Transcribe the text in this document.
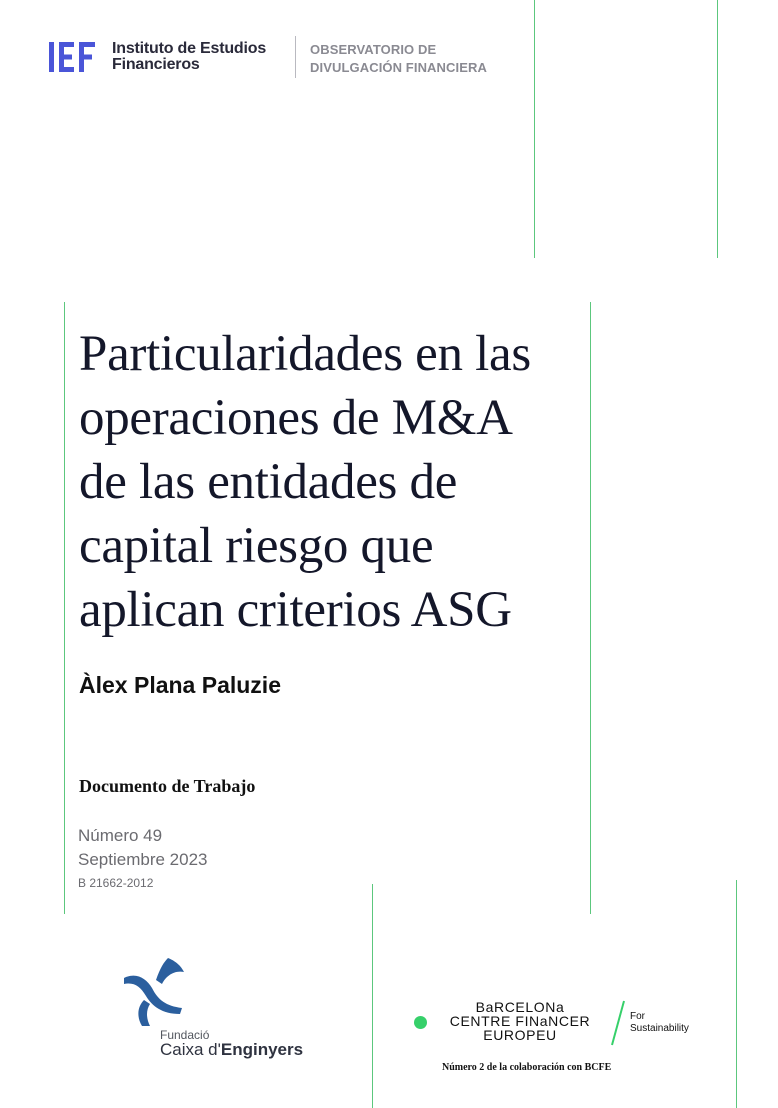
Instituto de Estudios
Financieros
OBSERVATORIO DE
DIVULGACIÓN FINANCIERA
Particularidades en las
operaciones de M&A
de las entidades de
capital riesgo que
aplican criterios ASG
Àlex Plana Paluzie
Documento de Trabajo
Número 49
Septiembre 2023
B 21662-2012
Fundació
Caixa d'Enginyers
BaRCELONa
CENTRE FINaNCER
EUROPEU
For
Sustainability
Número 2 de la colaboración con BCFE
